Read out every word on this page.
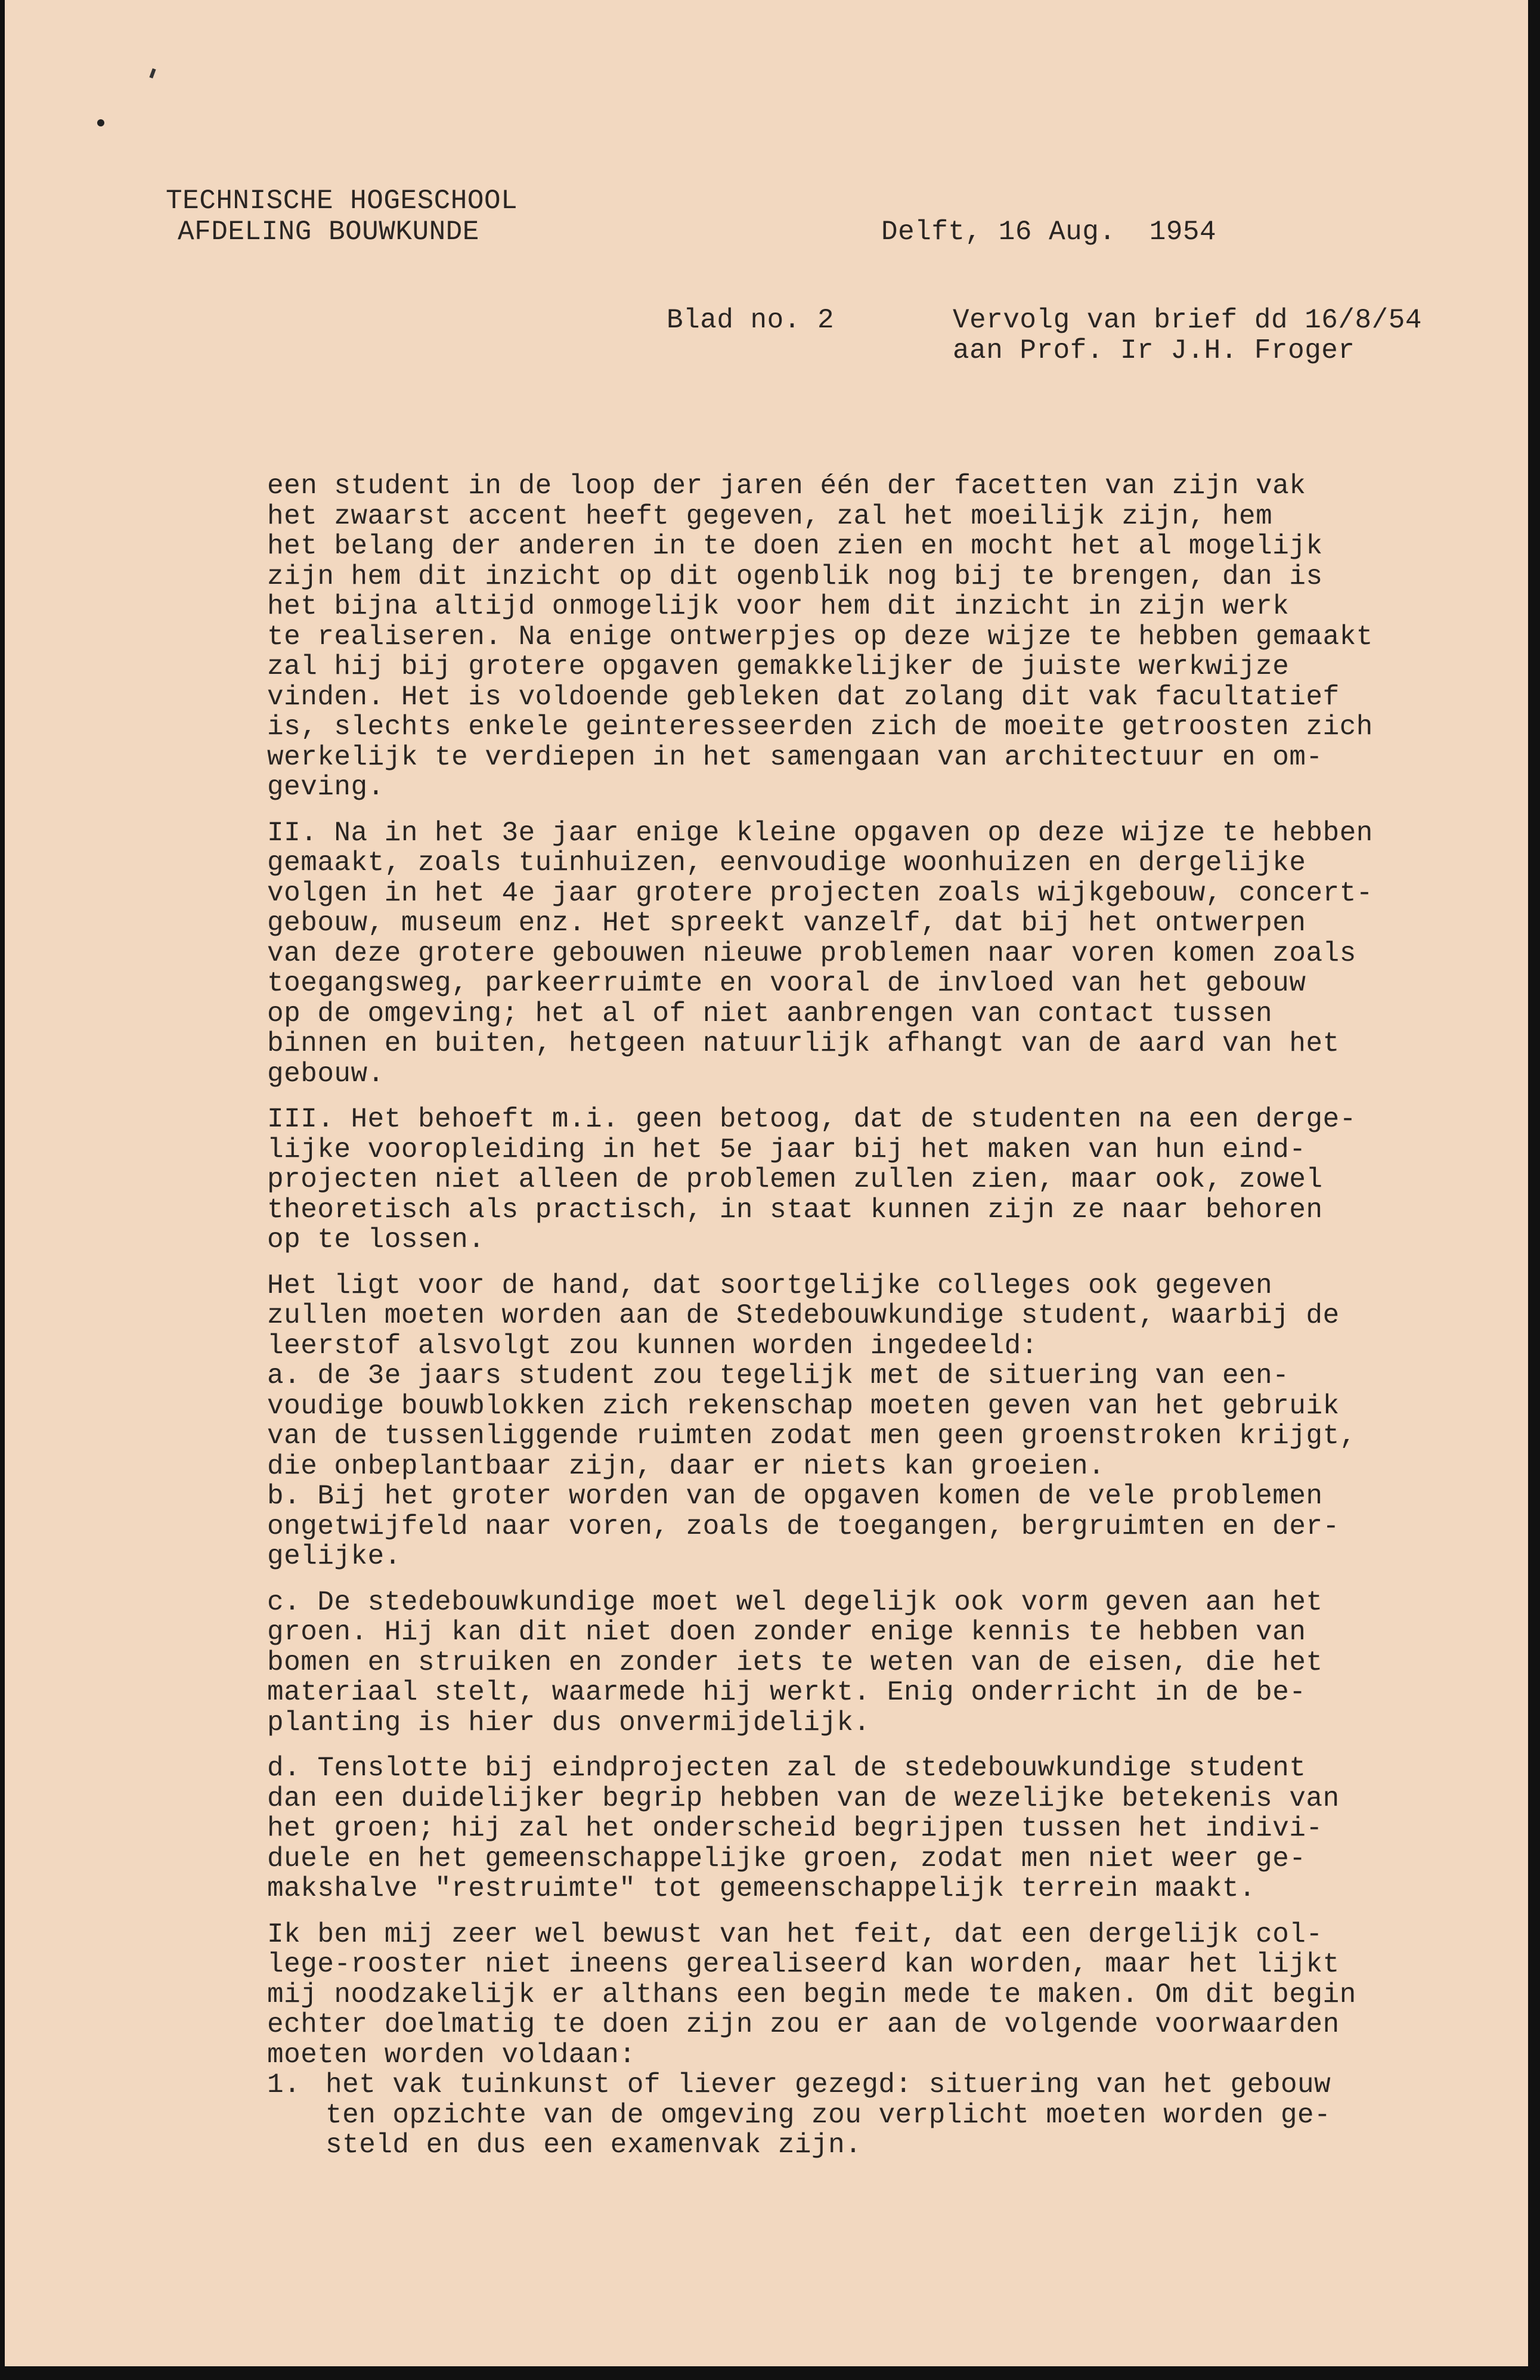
TECHNISCHE HOGESCHOOL
AFDELING BOUWKUNDE	Delft, 16 Aug. 1954
Blad no. 2	Vervolg van brief dd 16/8/54
aan Prof. Ir J.H. Froger
een student in de loop der jaren één der facetten van zijn vak
het zwaarst accent heeft gegeven, zal het moeilijk zijn, hem
het belang der anderen in te doen zien en mocht het al mogelijk
zijn hem dit inzicht op dit ogenblik nog bij te brengen, dan is
het bijna altijd onmogelijk voor hem dit inzicht in zijn werk
te realiseren. Na enige ontwerpjes op deze wijze te hebben gemaakt
zal hij bij grotere opgaven gemakkelijker de juiste werkwijze
vinden. Het is voldoende gebleken dat zolang dit vak facultatief
is, slechts enkele geinteresseerden zich de moeite getroosten zich
werkelijk te verdiepen in het samengaan van architectuur en om-
geving.
II. Na in het 3e jaar enige kleine opgaven op deze wijze te hebben
gemaakt, zoals tuinhuizen, eenvoudige woonhuizen en dergelijke
volgen in het 4e jaar grotere projecten zoals wijkgebouw, concert-
gebouw, museum enz. Het spreekt vanzelf, dat bij het ontwerpen
van deze grotere gebouwen nieuwe problemen naar voren komen zoals
toegangsweg, parkeerruimte en vooral de invloed van het gebouw
op de omgeving; het al of niet aanbrengen van contact tussen
binnen en buiten, hetgeen natuurlijk afhangt van de aard van het
gebouw.
III. Het behoeft m.i. geen betoog, dat de studenten na een derge-
lijke vooropleiding in het 5e jaar bij het maken van hun eind-
projecten niet alleen de problemen zullen zien, maar ook, zowel
theoretisch als practisch, in staat kunnen zijn ze naar behoren
op te lossen.
Het ligt voor de hand, dat soortgelijke colleges ook gegeven
zullen moeten worden aan de Stedebouwkundige student, waarbij de
leerstof alsvolgt zou kunnen worden ingedeeld:
a. de 3e jaars student zou tegelijk met de situering van een-
voudige bouwblokken zich rekenschap moeten geven van het gebruik
van de tussenliggende ruimten zodat men geen groenstroken krijgt,
die onbeplantbaar zijn, daar er niets kan groeien.
b. Bij het groter worden van de opgaven komen de vele problemen
ongetwijfeld naar voren, zoals de toegangen, bergruimten en der-
gelijke.
c. De stedebouwkundige moet wel degelijk ook vorm geven aan het
groen. Hij kan dit niet doen zonder enige kennis te hebben van
bomen en struiken en zonder iets te weten van de eisen, die het
materiaal stelt, waarmede hij werkt. Enig onderricht in de be-
planting is hier dus onvermijdelijk.
d. Tenslotte bij eindprojecten zal de stedebouwkundige student
dan een duidelijker begrip hebben van de wezelijke betekenis van
het groen; hij zal het onderscheid begrijpen tussen het indivi-
duele en het gemeenschappelijke groen, zodat men niet weer ge-
makshalve "restruimte" tot gemeenschappelijk terrein maakt.
Ik ben mij zeer wel bewust van het feit, dat een dergelijk col-
lege-rooster niet ineens gerealiseerd kan worden, maar het lijkt
mij noodzakelijk er althans een begin mede te maken. Om dit begin
echter doelmatig te doen zijn zou er aan de volgende voorwaarden
moeten worden voldaan:
1. het vak tuinkunst of liever gezegd: situering van het gebouw
ten opzichte van de omgeving zou verplicht moeten worden ge-
steld en dus een examenvak zijn.
